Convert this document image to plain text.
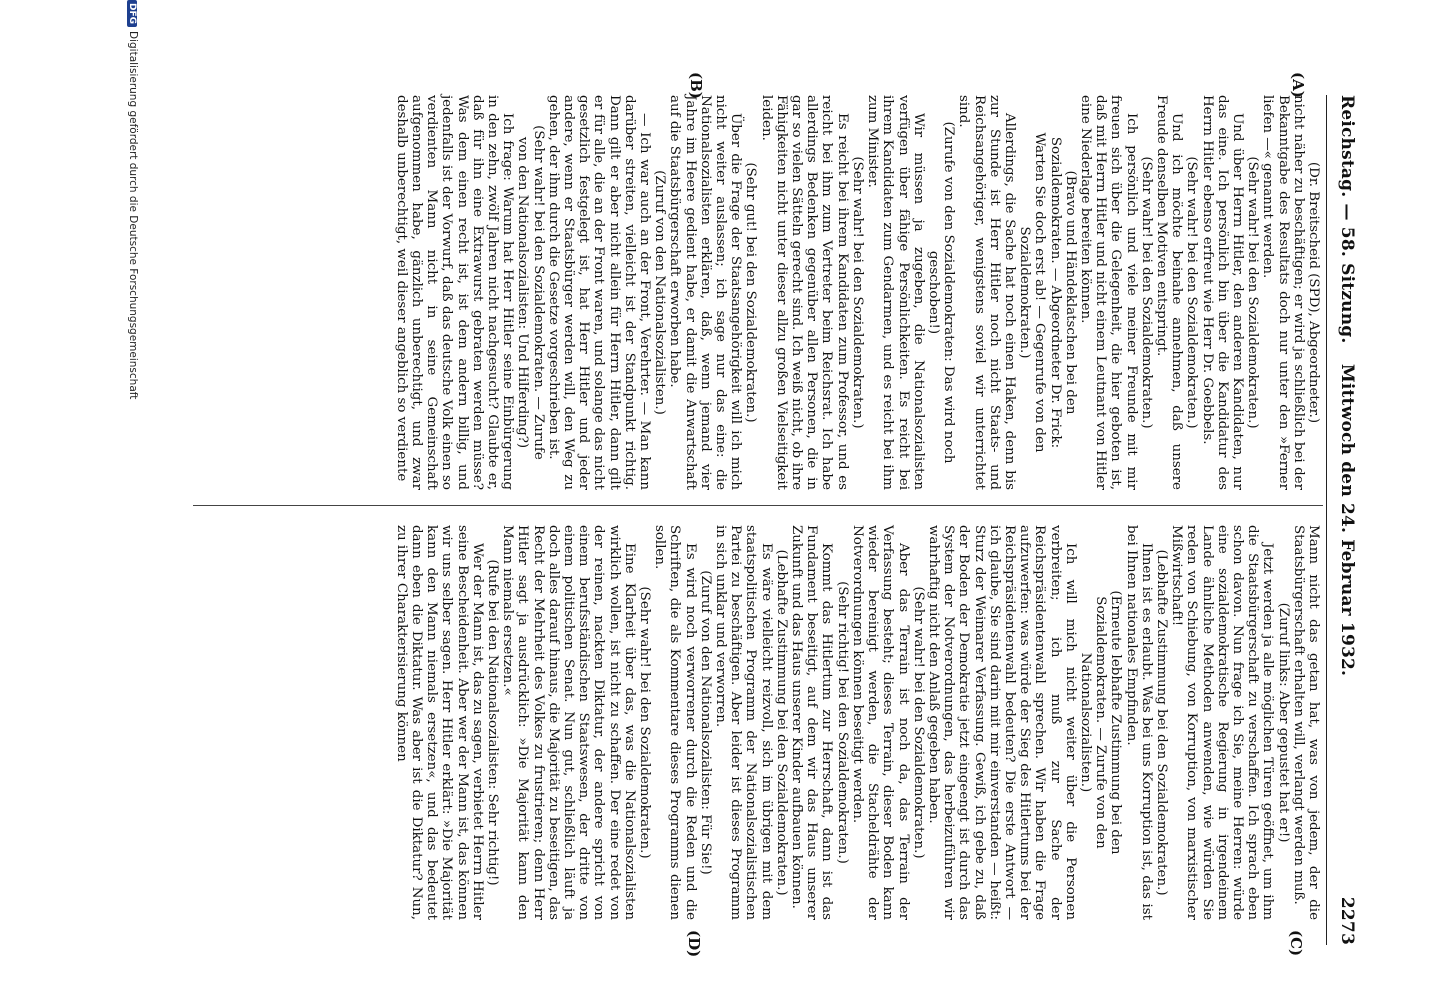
Reichstag. — 58. Sitzung.
Mittwoch den 24. Februar 1932.
2273
(A)
(B)
(C)
(D)

(Dr. Breitscheid (SPD), Abgeordneter.)

nicht näher zu beschäftigen; er wird ja schließlich bei der Bekanntgabe des Resultats doch nur unter den »Ferner liefen —« genannt werden.

(Sehr wahr! bei den Sozialdemokraten.)

Und über Herrn Hitler, den anderen Kandidaten, nur das eine. Ich persönlich bin über die Kandidatur des Herrn Hitler ebenso erfreut wie Herr Dr. Goebbels.

(Sehr wahr! bei den Sozialdemokraten.)

Und ich möchte beinahe annehmen, daß unsere Freude denselben Motiven entspringt.

(Sehr wahr! bei den Sozialdemokraten.)

Ich persönlich und viele meiner Freunde mit mir freuen sich über die Gelegenheit, die hier geboten ist, daß mit Herrn Hitler und nicht einem Leutnant von Hitler eine Niederlage bereiten können.

(Bravo und Händeklatschen bei den Sozialdemokraten. — Abgeordneter Dr. Frick: Warten Sie doch erst ab! — Gegenrufe von den Sozialdemokraten.)

Allerdings, die Sache hat noch einen Haken, denn bis zur Stunde ist Herr Hitler noch nicht Staats- und Reichsangehöriger, wenigstens soviel wir unterrichtet sind.

(Zurufe von den Sozialdemokraten: Das wird noch geschoben!)

Wir müssen ja zugeben, die Nationalsozialisten verfügen über fähige Persönlichkeiten. Es reicht bei ihrem Kandidaten zum Gendarmen, und es reicht bei ihm zum Minister.

(Sehr wahr! bei den Sozialdemokraten.)

Es reicht bei ihrem Kandidaten zum Professor, und es reicht bei ihm zum Vertreter beim Reichsrat. Ich habe allerdings Bedenken gegenüber allen Personen, die in gar so vielen Sätteln gerecht sind. Ich weiß nicht, ob ihre Fähigkeiten nicht unter dieser allzu großen Vielseitigkeit leiden.

(Sehr gut! bei den Sozialdemokraten.)

Über die Frage der Staatsangehörigkeit will ich mich nicht weiter auslassen; ich sage nur das eine: die Nationalsozialisten erklären, daß, wenn jemand vier Jahre im Heere gedient habe, er damit die Anwartschaft auf die Staatsbürgerschaft erworben habe.

(Zuruf von den Nationalsozialisten.)

— Ich war auch an der Front, Verehrter. — Man kann darüber streiten, vielleicht ist der Standpunkt richtig. Dann gilt er aber nicht allein für Herrn Hitler, dann gilt er für alle, die an der Front waren, und solange das nicht gesetzlich festgelegt ist, hat Herr Hitler und jeder andere, wenn er Staatsbürger werden will, den Weg zu gehen, der ihm durch die Gesetze vorgeschrieben ist.

(Sehr wahr! bei den Sozialdemokraten. — Zurufe von den Nationalsozialisten: Und Hilferding?)

Ich frage: Warum hat Herr Hitler seine Einbürgerung in den zehn, zwölf Jahren nicht nachgesucht? Glaubte er, daß für ihn eine Extrawurst gebraten werden müsse? Was dem einen recht ist, ist dem andern billig, und jedenfalls ist der Vorwurf, daß das deutsche Volk einen so verdienten Mann nicht in seine Gemeinschaft aufgenommen habe, gänzlich unberechtigt, und zwar deshalb unberechtigt, weil dieser angeblich so verdiente

Mann nicht das getan hat, was von jedem, der die Staatsbürgerschaft erhalten will, verlangt werden muß.

(Zuruf links: Aber gepustet hat er!)

Jetzt werden ja alle möglichen Türen geöffnet, um ihm die Staatsbürgerschaft zu verschaffen. Ich sprach eben schon davon. Nun frage ich Sie, meine Herren: würde eine sozialdemokratische Regierung in irgendeinem Lande ähnliche Methoden anwenden, wie würden Sie reden von Schiebung, von Korruption, von marxistischer Mißwirtschaft!

(Lebhafte Zustimmung bei den Sozialdemokraten.)

Ihnen ist es erlaubt. Was bei uns Korruption ist, das ist bei Ihnen nationales Empfinden.

(Erneute lebhafte Zustimmung bei den Sozialdemokraten. — Zurufe von den Nationalsozialisten.)

Ich will mich nicht weiter über die Personen verbreiten; ich muß zur Sache der Reichspräsidentenwahl sprechen. Wir haben die Frage aufzuwerfen: was würde der Sieg des Hitlertums bei der Reichspräsidentenwahl bedeuten? Die erste Antwort — ich glaube, Sie sind darin mit mir einverstanden — heißt: Sturz der Weimarer Verfassung. Gewiß, ich gebe zu, daß der Boden der Demokratie jetzt eingeengt ist durch das System der Notverordnungen, das herbeizuführen wir wahrhaftig nicht den Anlaß gegeben haben.

(Sehr wahr! bei den Sozialdemokraten.)

Aber das Terrain ist noch da, das Terrain der Verfassung besteht; dieses Terrain, dieser Boden kann wieder bereinigt werden, die Stacheldrähte der Notverordnungen können beseitigt werden.

(Sehr richtig! bei den Sozialdemokraten.)

Kommt das Hitlertum zur Herrschaft, dann ist das Fundament beseitigt, auf dem wir das Haus unserer Zukunft und das Haus unserer Kinder aufbauen können.

(Lebhafte Zustimmung bei den Sozialdemokraten.)

Es wäre vielleicht reizvoll, sich im übrigen mit dem staatspolitischen Programm der Nationalsozialistischen Partei zu beschäftigen. Aber leider ist dieses Programm in sich unklar und verworren.

(Zuruf von den Nationalsozialisten: Für Sie!)

Es wird noch verworrener durch die Reden und die Schriften, die als Kommentare dieses Programms dienen sollen.

(Sehr wahr! bei den Sozialdemokraten.)

Eine Klarheit über das, was die Nationalsozialisten wirklich wollen, ist nicht zu schaffen. Der eine redet von der reinen, nackten Diktatur, der andere spricht von einem berufsständischen Staatswesen, der dritte von einem politischen Senat. Nun gut, schließlich läuft ja doch alles darauf hinaus, die Majorität zu beseitigen, das Recht der Mehrheit des Volkes zu frustrieren; denn Herr Hitler sagt ja ausdrücklich: »Die Majorität kann den Mann niemals ersetzen.«

(Rufe bei den Nationalsozialisten: Sehr richtig!)

Wer der Mann ist, das zu sagen, verbietet Herrn Hitler seine Bescheidenheit. Aber wer der Mann ist, das können wir uns selber sagen. Herr Hitler erklärt: »Die Majorität kann den Mann niemals ersetzen«, und das bedeutet dann eben die Diktatur. Was aber ist die Diktatur? Nun, zu ihrer Charakterisierung können

DFGDigitalisierung gefördert durch die Deutsche Forschungsgemeinschaft
